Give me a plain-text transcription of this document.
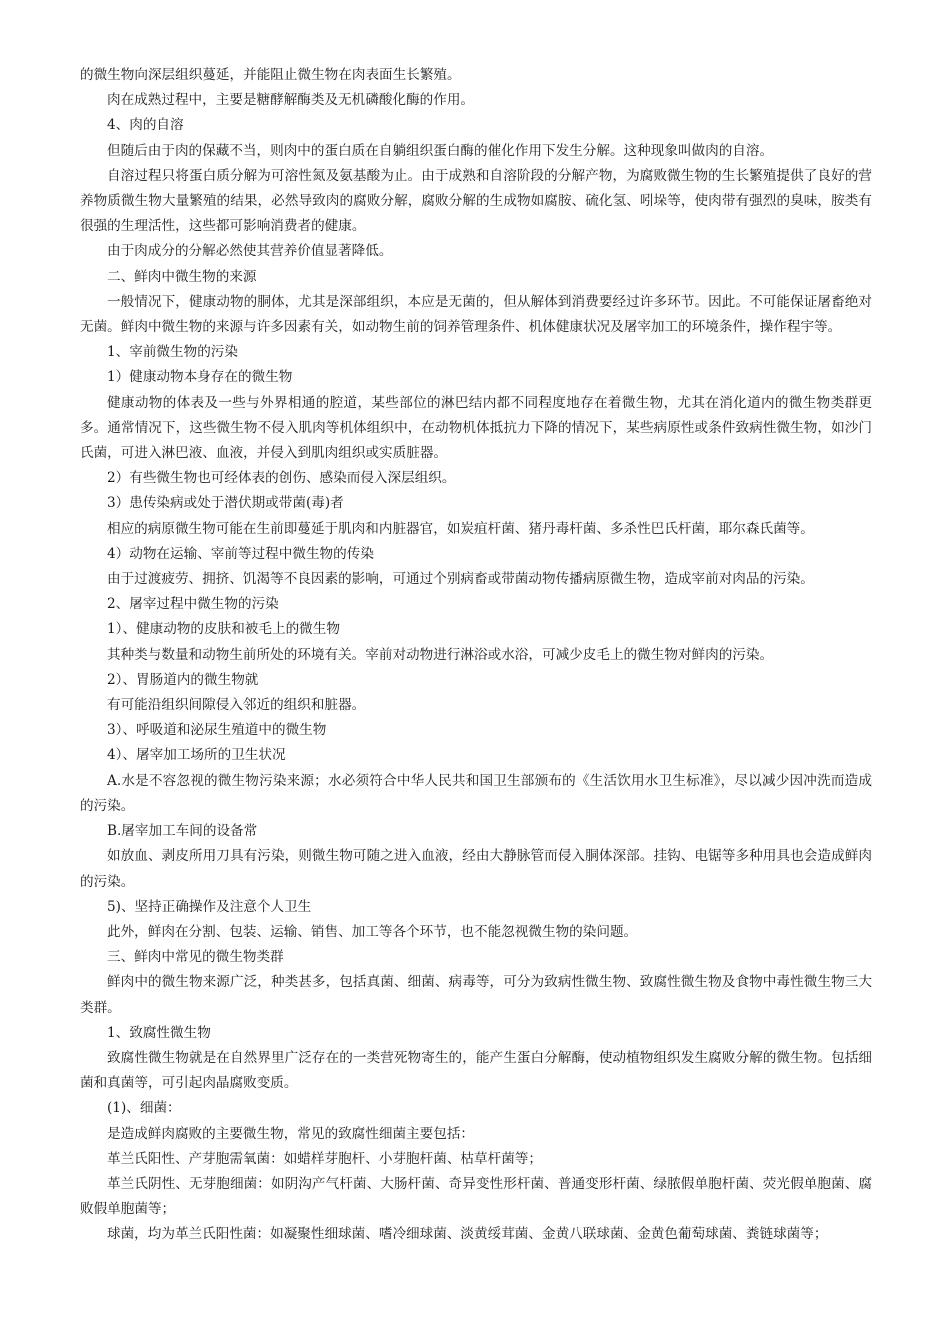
的微生物向深层组织蔓延，并能阻止微生物在肉表面生长繁殖。

肉在成熟过程中，主要是糖酵解酶类及无机磷酸化酶的作用。

4、肉的自溶

但随后由于肉的保藏不当，则肉中的蛋白质在自躺组织蛋白酶的催化作用下发生分解。这种现象叫做肉的自溶。

自溶过程只将蛋白质分解为可溶性氮及氨基酸为止。由于成熟和自溶阶段的分解产物，为腐败微生物的生长繁殖提供了良好的营养物质微生物大量繁殖的结果，必然导致肉的腐败分解，腐败分解的生成物如腐胺、硫化氢、吲垛等，使肉带有强烈的臭味，胺类有很强的生理活性，这些都可影响消费者的健康。

由于肉成分的分解必然使其营养价值显著降低。

二、鲜肉中微生物的来源

一般情况下，健康动物的胴体，尤其是深部组织，本应是无菌的，但从解体到消费要经过许多环节。因此。不可能保证屠畜绝对无菌。鲜肉中微生物的来源与许多因素有关，如动物生前的饲养管理条件、机体健康状况及屠宰加工的环境条件，操作程宇等。

1、宰前微生物的污染

1）健康动物本身存在的微生物

健康动物的体表及一些与外界相通的腔道，某些部位的淋巴结内都不同程度地存在着微生物，尤其在消化道内的微生物类群更多。通常情况下，这些微生物不侵入肌肉等机体组织中，在动物机体抵抗力下降的情况下，某些病原性或条件致病性微生物，如沙门氏菌，可进入淋巴液、血液，并侵入到肌肉组织或实质脏器。

2）有些微生物也可经体表的创伤、感染而侵入深层组织。

3）患传染病或处于潜伏期或带菌(毒)者

相应的病原微生物可能在生前即蔓延于肌肉和内脏器官，如炭疽杆菌、猪丹毒杆菌、多杀性巴氏杆菌，耶尔森氏菌等。

4）动物在运输、宰前等过程中微生物的传染

由于过渡疲劳、拥挤、饥渴等不良因素的影响，可通过个别病畜或带菌动物传播病原微生物，造成宰前对肉品的污染。

2、屠宰过程中微生物的污染

1）、健康动物的皮肤和被毛上的微生物

其种类与数量和动物生前所处的环境有关。宰前对动物进行淋浴或水浴，可减少皮毛上的微生物对鲜肉的污染。

2）、胃肠道内的微生物就

有可能沿组织间隙侵入邻近的组织和脏器。

3）、呼吸道和泌尿生殖道中的微生物

4）、屠宰加工场所的卫生状况

A.水是不容忽视的微生物污染来源；水必须符合中华人民共和国卫生部颁布的《生活饮用水卫生标准》，尽以减少因冲洗而造成的污染。

B.屠宰加工车间的设备常

如放血、剥皮所用刀具有污染，则微生物可随之进入血液，经由大静脉管而侵入胴体深部。挂钩、电锯等多种用具也会造成鲜肉的污染。

5)、坚持正确操作及注意个人卫生

此外，鲜肉在分割、包装、运输、销售、加工等各个环节，也不能忽视微生物的染问题。

三、鲜肉中常见的微生物类群

鲜肉中的微生物来源广泛，种类甚多，包括真菌、细菌、病毒等，可分为致病性微生物、致腐性微生物及食物中毒性微生物三大类群。

1、致腐性微生物

致腐性微生物就是在自然界里广泛存在的一类营死物寄生的，能产生蛋白分解酶，使动植物组织发生腐败分解的微生物。包括细菌和真菌等，可引起肉晶腐败变质。

(1)、细菌：

是造成鲜肉腐败的主要微生物，常见的致腐性细菌主要包括：

革兰氏阳性、产芽胞需氧菌：如蜡样芽胞杆、小芽胞杆菌、枯草杆菌等；

革兰氏阴性、无芽胞细菌：如阴沟产气杆菌、大肠杆菌、奇异变性形杆菌、普通变形杆菌、绿脓假单胞杆菌、荧光假单胞菌、腐败假单胞菌等；

球菌，均为革兰氏阳性菌：如凝聚性细球菌、嗜冷细球菌、淡黄绥茸菌、金黄八联球菌、金黄色葡萄球菌、粪链球菌等；
